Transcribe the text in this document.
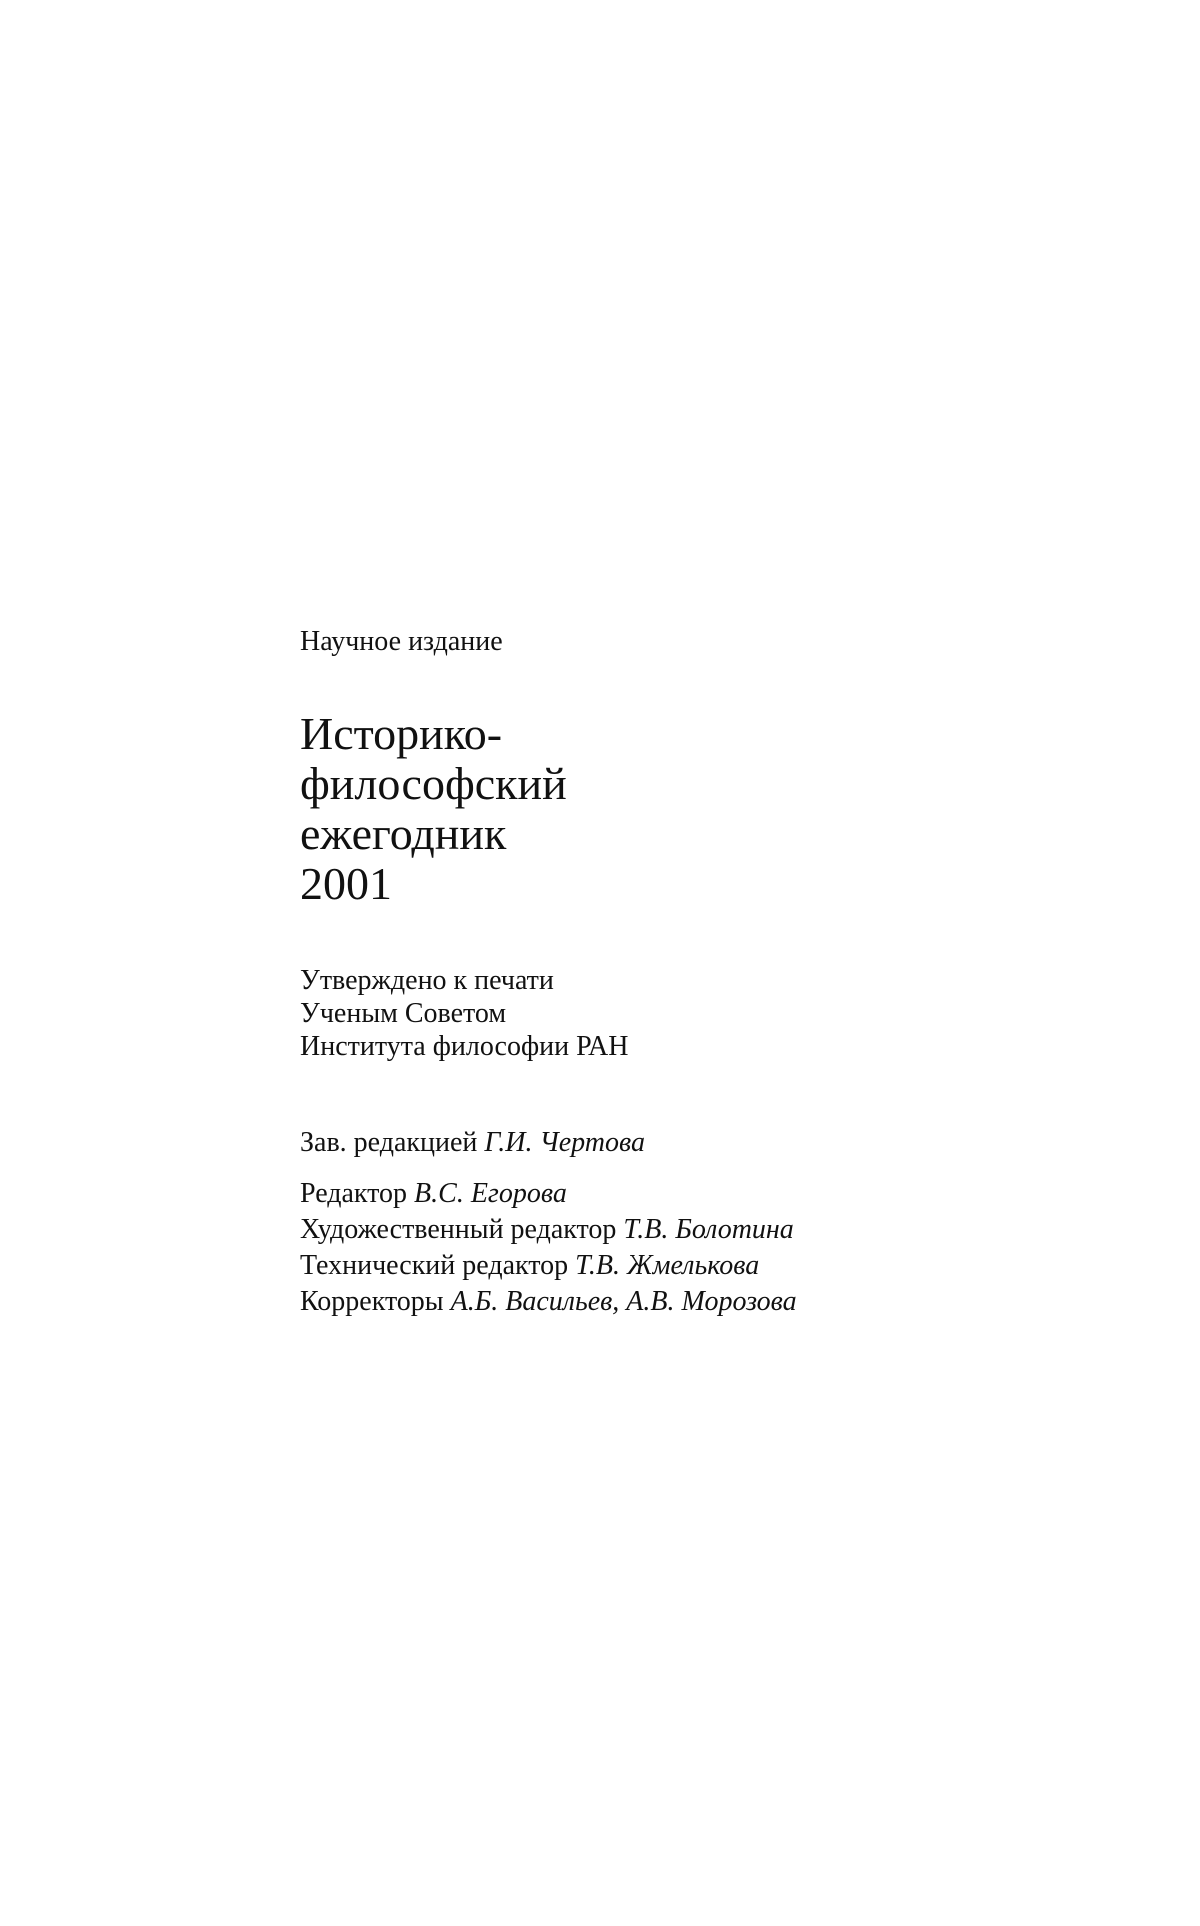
Научное издание

Историко-
философский
ежегодник
2001
Утверждено к печати
Ученым Советом
Института философии РАН
Зав. редакцией Г.И. Чертова
Редактор В.С. Егорова
Художественный редактор Т.В. Болотина
Технический редактор Т.В. Жмелькова
Корректоры А.Б. Васильев, А.В. Морозова
